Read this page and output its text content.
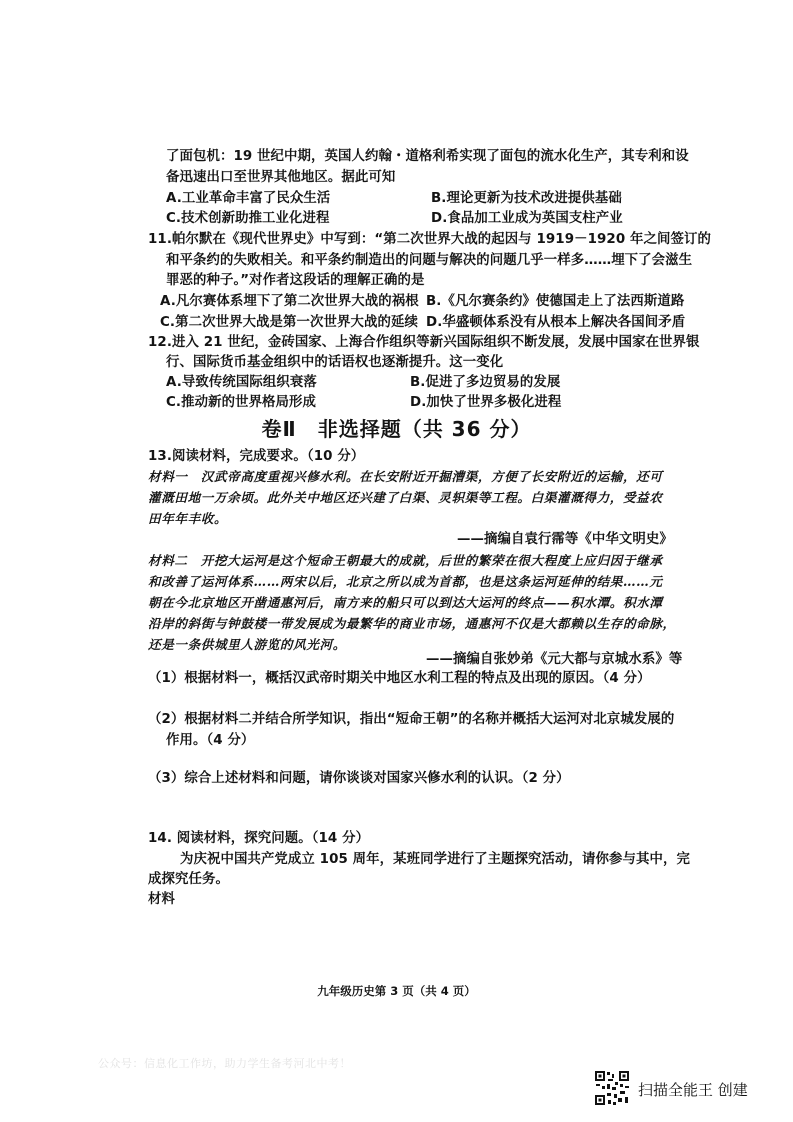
了面包机：19 世纪中期，英国人约翰・道格利希实现了面包的流水化生产，其专利和设
备迅速出口至世界其他地区。据此可知
A.工业革命丰富了民众生活	B.理论更新为技术改进提供基础
C.技术创新助推工业化进程	D.食品加工业成为英国支柱产业
11.帕尔默在《现代世界史》中写到：“第二次世界大战的起因与 1919－1920 年之间签订的
和平条约的失败相关。和平条约制造出的问题与解决的问题几乎一样多……埋下了会滋生
罪恶的种子。”对作者这段话的理解正确的是
A.凡尔赛体系埋下了第二次世界大战的祸根 B.《凡尔赛条约》使德国走上了法西斯道路
C.第二次世界大战是第一次世界大战的延续 D.华盛顿体系没有从根本上解决各国间矛盾
12.进入 21 世纪，金砖国家、上海合作组织等新兴国际组织不断发展，发展中国家在世界银
行、国际货币基金组织中的话语权也逐渐提升。这一变化
A.导致传统国际组织衰落	B.促进了多边贸易的发展
C.推动新的世界格局形成	D.加快了世界多极化进程
卷Ⅱ　非选择题（共 36 分）
13.阅读材料，完成要求。（10 分）
材料一　汉武帝高度重视兴修水利。在长安附近开掘漕渠，方便了长安附近的运输，还可
灌溉田地一万余顷。此外关中地区还兴建了白渠、灵轵渠等工程。白渠灌溉得力，受益农
田年年丰收。
——摘编自袁行霈等《中华文明史》
材料二　开挖大运河是这个短命王朝最大的成就，后世的繁荣在很大程度上应归因于继承
和改善了运河体系……两宋以后，北京之所以成为首都，也是这条运河延伸的结果……元
朝在今北京地区开凿通惠河后，南方来的船只可以到达大运河的终点——积水潭。积水潭
沿岸的斜街与钟鼓楼一带发展成为最繁华的商业市场，通惠河不仅是大都赖以生存的命脉，
还是一条供城里人游览的风光河。
——摘编自张妙弟《元大都与京城水系》等
（1）根据材料一，概括汉武帝时期关中地区水利工程的特点及出现的原因。（4 分）
（2）根据材料二并结合所学知识，指出“短命王朝”的名称并概括大运河对北京城发展的
作用。（4 分）
（3）综合上述材料和问题，请你谈谈对国家兴修水利的认识。（2 分）
14. 阅读材料，探究问题。（14 分）
为庆祝中国共产党成立 105 周年，某班同学进行了主题探究活动，请你参与其中，完
成探究任务。
材料
九年级历史第 3 页（共 4 页）
公众号：信息化工作坊，助力学生备考河北中考！
扫描全能王 创建
